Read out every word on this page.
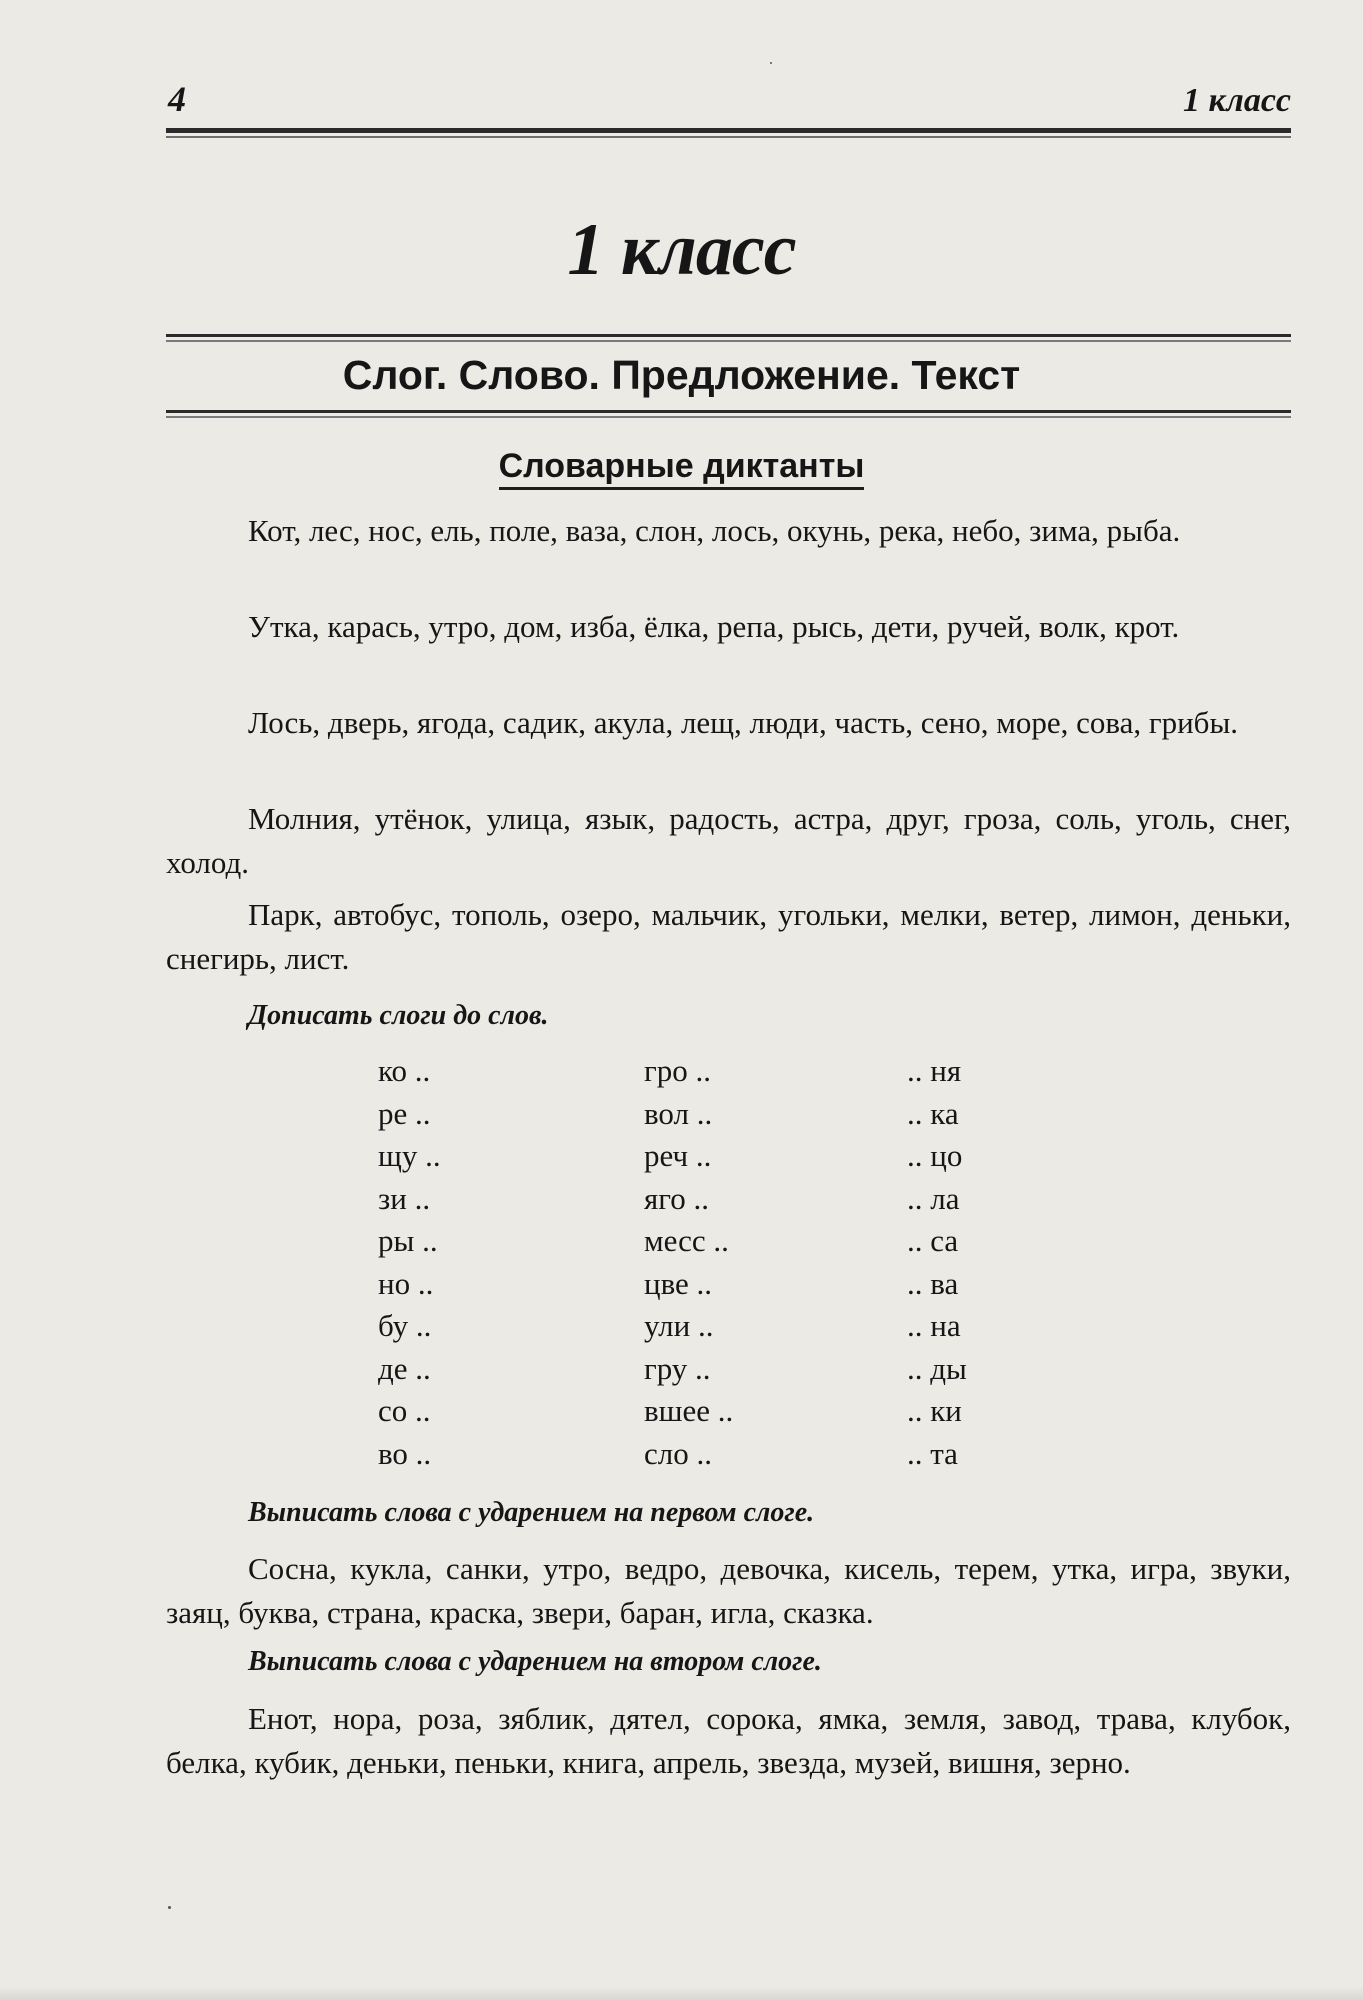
4	1 класс
1 класс
Слог. Слово. Предложение. Текст
Словарные диктанты

Кот, лес, нос, ель, поле, ваза, слон, лось, окунь, река, небо, зима, рыба.

Утка, карась, утро, дом, изба, ёлка, репа, рысь, дети, ручей, волк, крот.

Лось, дверь, ягода, садик, акула, лещ, люди, часть, сено, море, сова, грибы.

Молния, утёнок, улица, язык, радость, астра, друг, гроза, соль, уголь, снег, холод.

Парк, автобус, тополь, озеро, мальчик, угольки, мелки, ветер, лимон, деньки, снегирь, лист.

Дописать слоги до слов.
ко ..
ре ..
щу ..
зи ..
ры ..
но ..
бу ..
де ..
со ..
во ..
гро ..
вол ..
реч ..
яго ..
месс ..
цве ..
ули ..
гру ..
вшее ..
сло ..
.. ня
.. ка
.. цо
.. ла
.. са
.. ва
.. на
.. ды
.. ки
.. та
Выписать слова с ударением на первом слоге.

Сосна, кукла, санки, утро, ведро, девочка, кисель, терем, утка, игра, звуки, заяц, буква, страна, краска, звери, баран, игла, сказка.

Выписать слова с ударением на втором слоге.

Енот, нора, роза, зяблик, дятел, сорока, ямка, земля, завод, трава, клубок, белка, кубик, деньки, пеньки, книга, апрель, звезда, музей, вишня, зерно.
